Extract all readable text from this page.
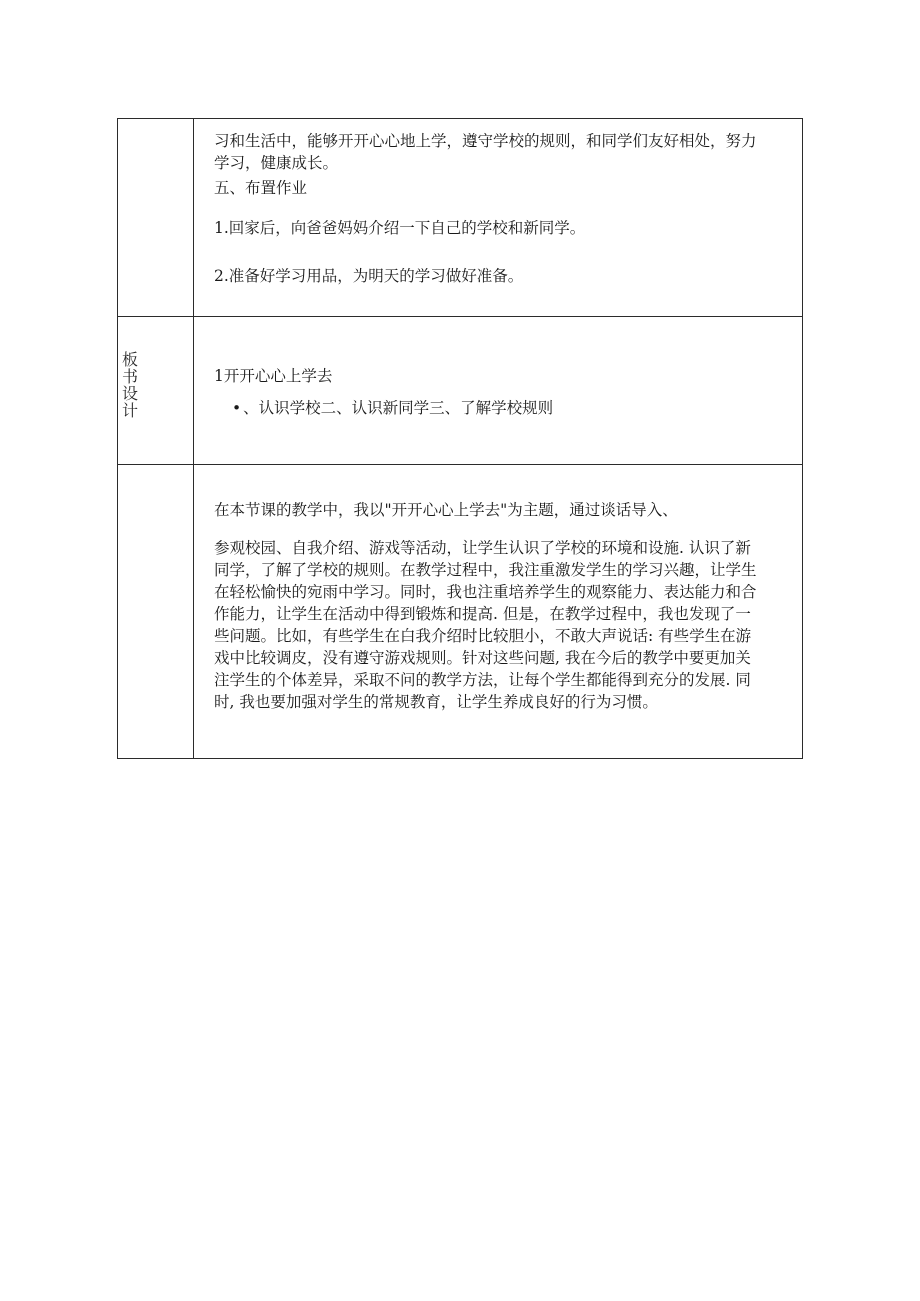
习和生活中，能够开开心心地上学，遵守学校的规则，和同学们友好相处，努力
学习，健康成长。
五、布置作业
1.回家后，向爸爸妈妈介绍一下自己的学校和新同学。
2.准备好学习用品，为明天的学习做好准备。
板
书
设
计
1开开心心上学去
• 、认识学校二、认识新同学三、了解学校规则
在本节课的教学中，我以"开开心心上学去"为主题，通过谈话导入、
参观校园、自我介绍、游戏等活动，让学生认识了学校的环境和设施. 认识了新
同学，了解了学校的规则。在教学过程中，我注重激发学生的学习兴趣，让学生
在轻松愉快的宛雨中学习。同时，我也注重培养学生的观察能力、表达能力和合
作能力，让学生在活动中得到锻炼和提高. 但是，在教学过程中，我也发现了一
些问题。比如，有些学生在白我介绍时比较胆小，不敢大声说话: 有些学生在游
戏中比较调皮，没有遵守游戏规则。针对这些问题, 我在今后的教学中要更加关
注学生的个体差异，采取不问的教学方法，让每个学生都能得到充分的发展. 同
时, 我也要加强对学生的常规教育，让学生养成良好的行为习惯。
